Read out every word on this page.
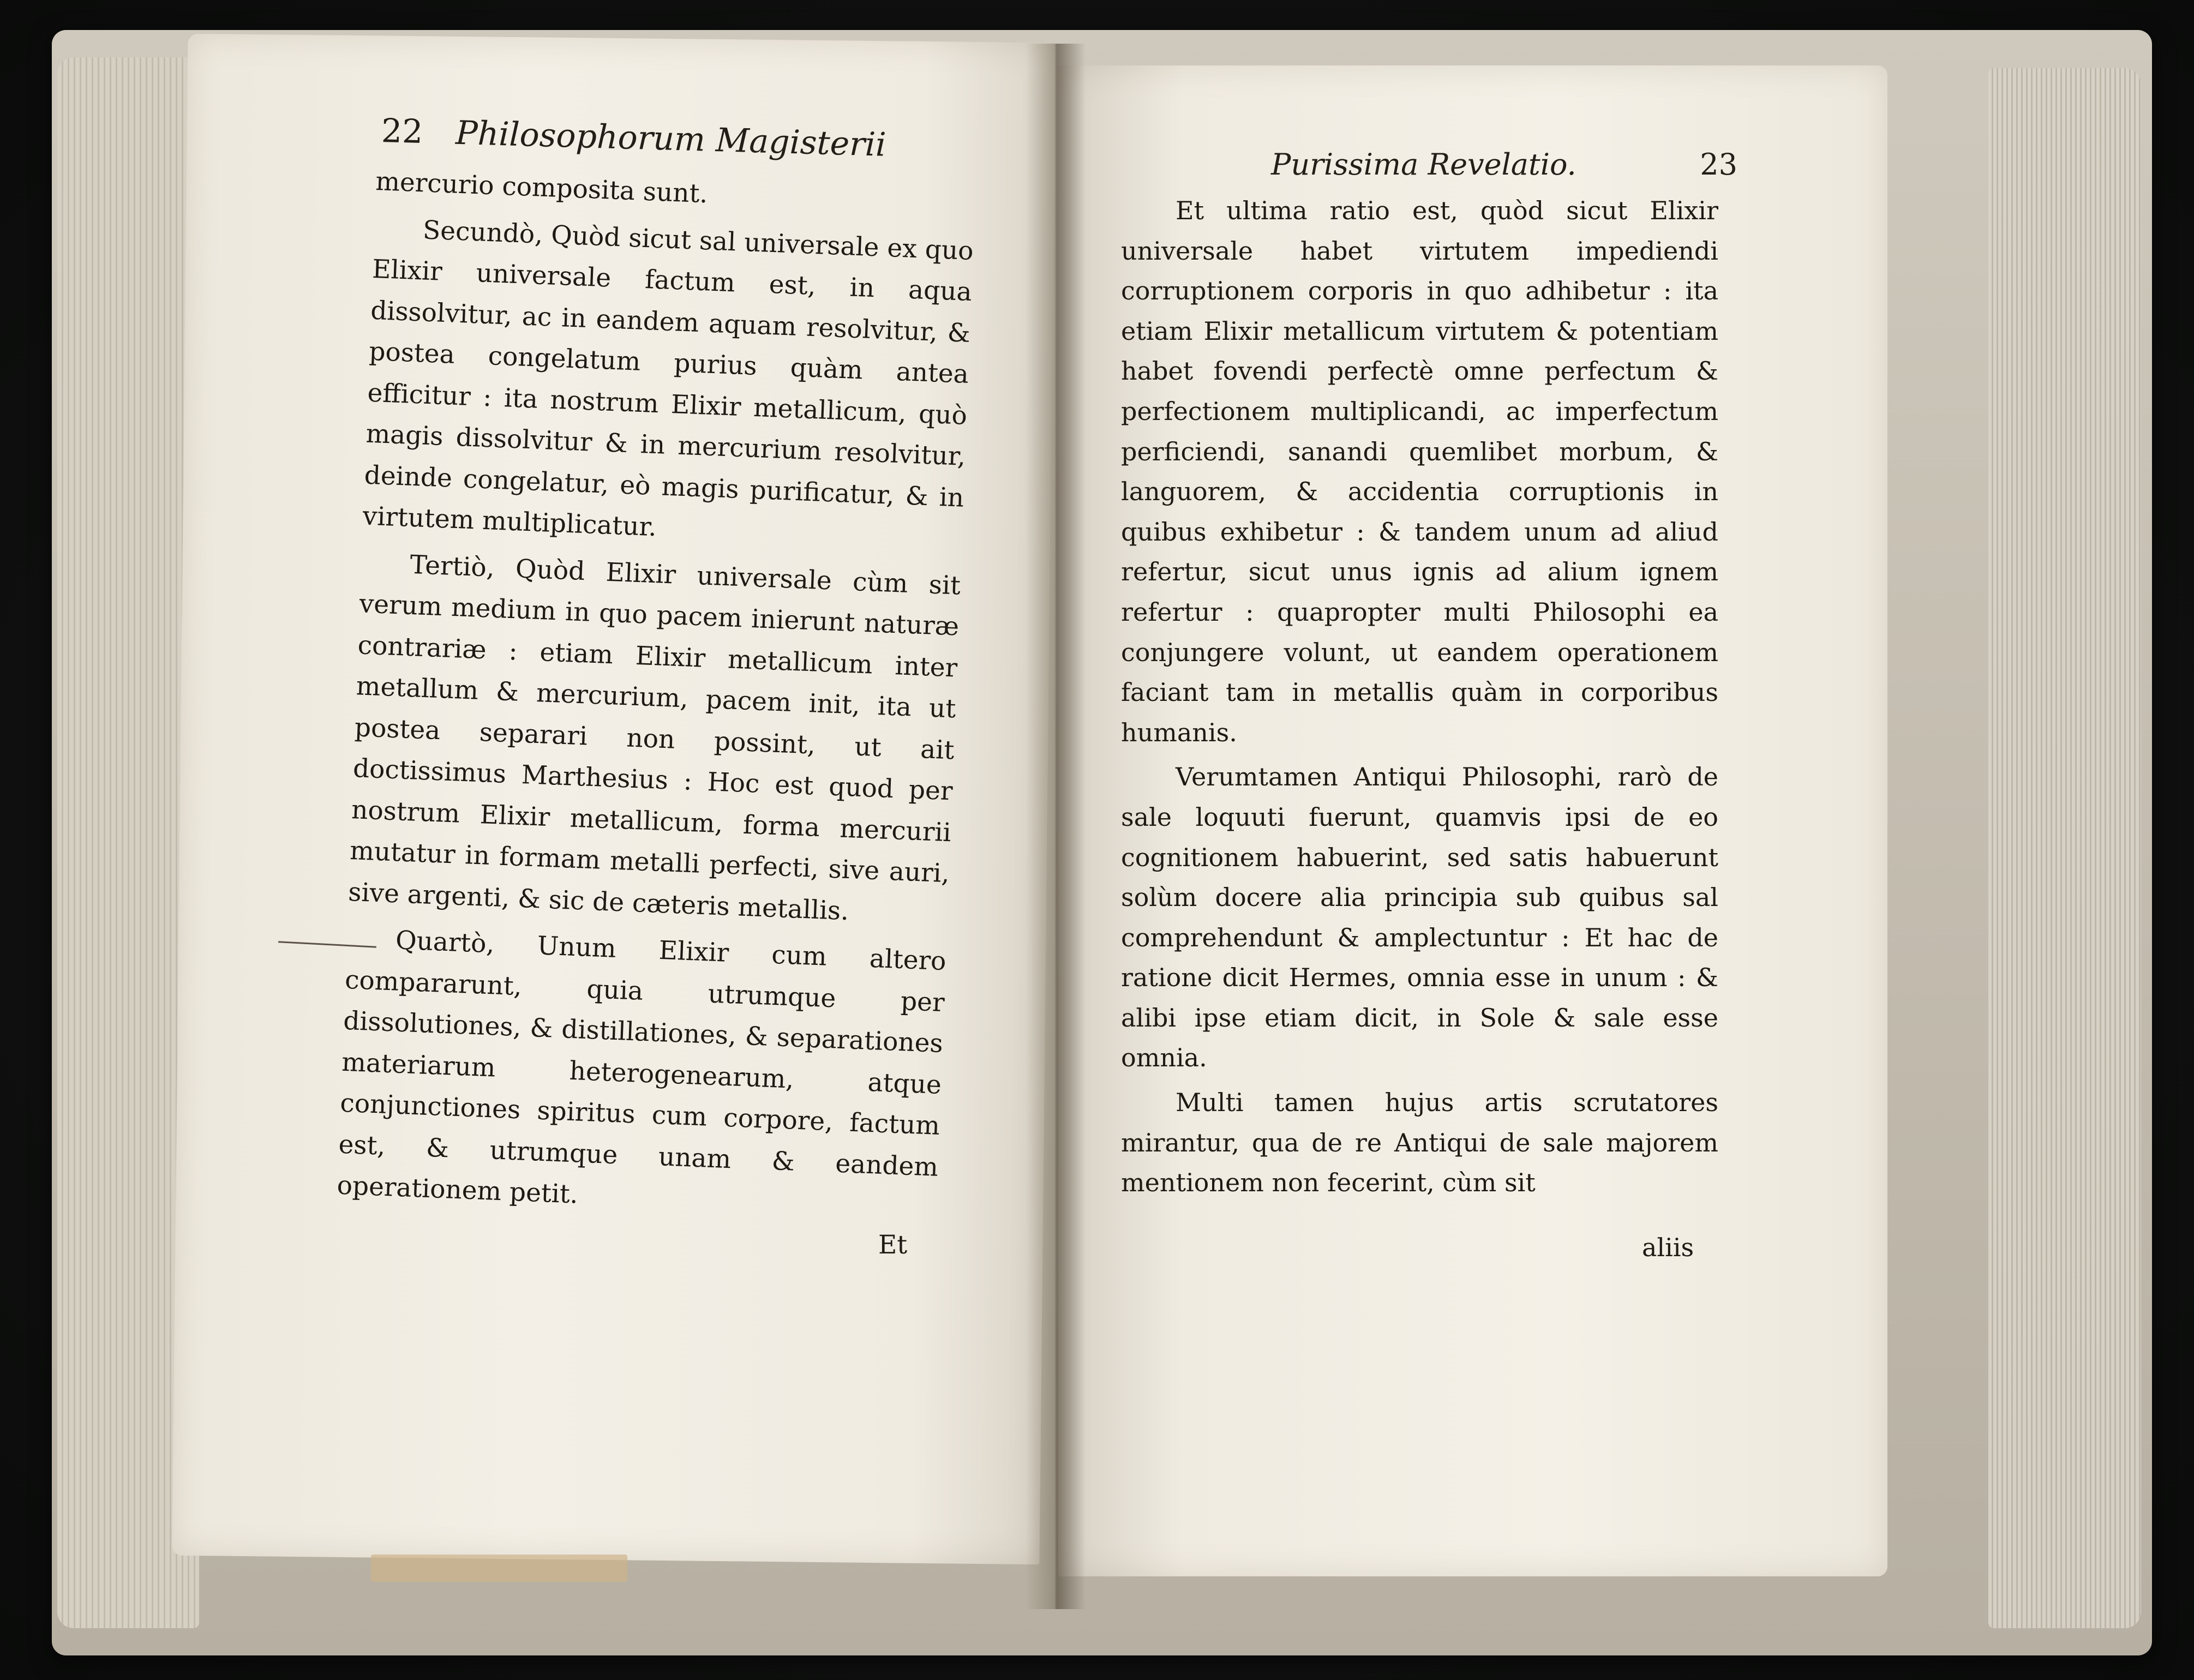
22 Philosophorum Magisterii

mercurio composita sunt.

Secundò, Quòd sicut sal universale ex quo Elixir universale factum est, in aqua dissolvitur, ac in eandem aquam resolvitur, & postea congelatum purius quàm antea efficitur : ita nostrum Elixir metallicum, quò magis dissolvitur & in mercurium resolvitur, deinde congelatur, eò magis purificatur, & in virtutem multiplicatur.

Tertiò, Quòd Elixir universale cùm sit verum medium in quo pacem inierunt naturæ contrariæ : etiam Elixir metallicum inter metallum & mercurium, pacem init, ita ut postea separari non possint, ut ait doctissimus Marthesius : Hoc est quod per nostrum Elixir metallicum, forma mercurii mutatur in formam metalli perfecti, sive auri, sive argenti, & sic de cæteris metallis.

Quartò, Unum Elixir cum altero compararunt, quia utrumque per dissolutiones, & distillationes, & separationes materiarum heterogenearum, atque conjunctiones spiritus cum corpore, factum est, & utrumque unam & eandem operationem petit.

Et
Purissima Revelatio.	23

Et ultima ratio est, quòd sicut Elixir universale habet virtutem impediendi corruptionem corporis in quo adhibetur : ita etiam Elixir metallicum virtutem & potentiam habet fovendi perfectè omne perfectum & perfectionem multiplicandi, ac imperfectum perficiendi, sanandi quemlibet morbum, & languorem, & accidentia corruptionis in quibus exhibetur : & tandem unum ad aliud refertur, sicut unus ignis ad alium ignem refertur : quapropter multi Philosophi ea conjungere volunt, ut eandem operationem faciant tam in metallis quàm in corporibus humanis.

Verumtamen Antiqui Philosophi, rarò de sale loquuti fuerunt, quamvis ipsi de eo cognitionem habuerint, sed satis habuerunt solùm docere alia principia sub quibus sal comprehendunt & amplectuntur : Et hac de ratione dicit Hermes, omnia esse in unum : & alibi ipse etiam dicit, in Sole & sale esse omnia.

Multi tamen hujus artis scrutatores mirantur, qua de re Antiqui de sale majorem mentionem non fecerint, cùm sit

aliis
